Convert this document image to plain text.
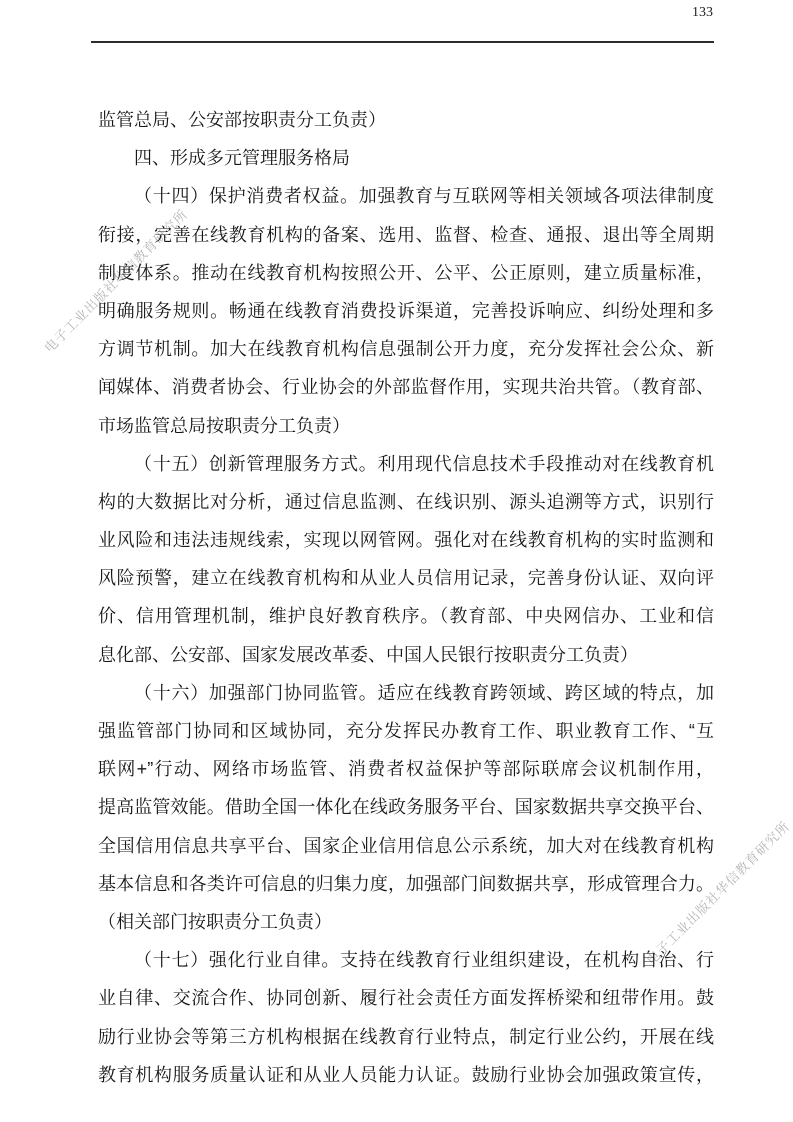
133
电子工业出版社华信教育研究所
电子工业出版社华信教育研究所
监管总局、公安部按职责分工负责）
四、形成多元管理服务格局
（十四）保护消费者权益。加强教育与互联网等相关领域各项法律制度
衔接，完善在线教育机构的备案、选用、监督、检查、通报、退出等全周期
制度体系。推动在线教育机构按照公开、公平、公正原则，建立质量标准，
明确服务规则。畅通在线教育消费投诉渠道，完善投诉响应、纠纷处理和多
方调节机制。加大在线教育机构信息强制公开力度，充分发挥社会公众、新
闻媒体、消费者协会、行业协会的外部监督作用，实现共治共管。（教育部、
市场监管总局按职责分工负责）
（十五）创新管理服务方式。利用现代信息技术手段推动对在线教育机
构的大数据比对分析，通过信息监测、在线识别、源头追溯等方式，识别行
业风险和违法违规线索，实现以网管网。强化对在线教育机构的实时监测和
风险预警，建立在线教育机构和从业人员信用记录，完善身份认证、双向评
价、信用管理机制，维护良好教育秩序。（教育部、中央网信办、工业和信
息化部、公安部、国家发展改革委、中国人民银行按职责分工负责）
（十六）加强部门协同监管。适应在线教育跨领域、跨区域的特点，加
强监管部门协同和区域协同，充分发挥民办教育工作、职业教育工作、“互
联网+”行动、网络市场监管、消费者权益保护等部际联席会议机制作用，
提高监管效能。借助全国一体化在线政务服务平台、国家数据共享交换平台、
全国信用信息共享平台、国家企业信用信息公示系统，加大对在线教育机构
基本信息和各类许可信息的归集力度，加强部门间数据共享，形成管理合力。
（相关部门按职责分工负责）
（十七）强化行业自律。支持在线教育行业组织建设，在机构自治、行
业自律、交流合作、协同创新、履行社会责任方面发挥桥梁和纽带作用。鼓
励行业协会等第三方机构根据在线教育行业特点，制定行业公约，开展在线
教育机构服务质量认证和从业人员能力认证。鼓励行业协会加强政策宣传，
